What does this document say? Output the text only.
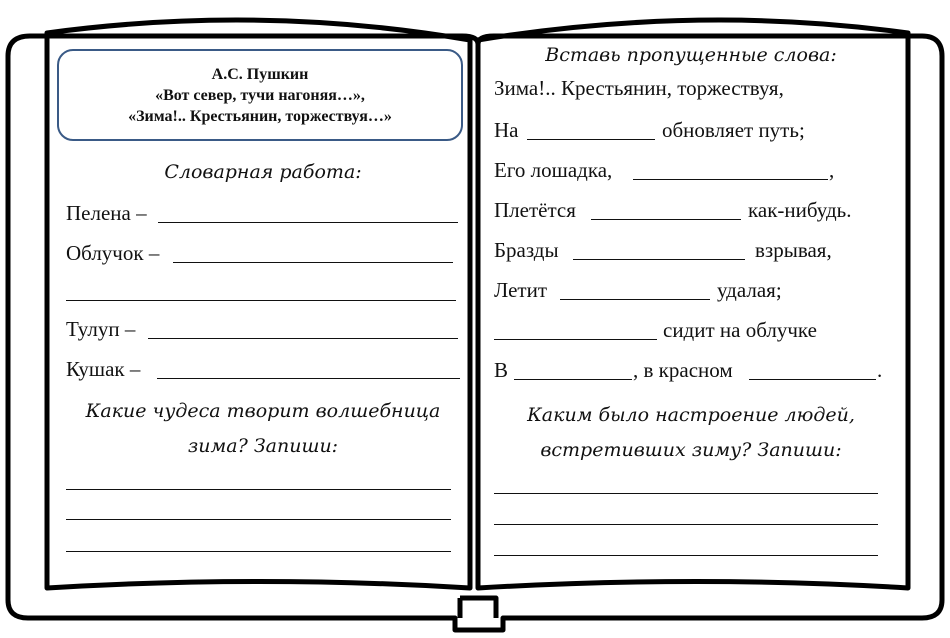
А.С. Пушкин
«Вот север, тучи нагоняя…»,
«Зима!.. Крестьянин, торжествуя…»
Словарная работа:
Пелена –
Облучок –
Тулуп –
Кушак –
Какие чудеса творит волшебница
зима? Запиши:
Вставь пропущенные слова:
Зима!.. Крестьянин, торжествуя,
На	обновляет путь;
Его лошадка,	,
Плетётся	как-нибудь.
Бразды	взрывая,
Летит	удалая;
сидит на облучке
В	, в красном	.
Каким было настроение людей,
встретивших зиму? Запиши:
